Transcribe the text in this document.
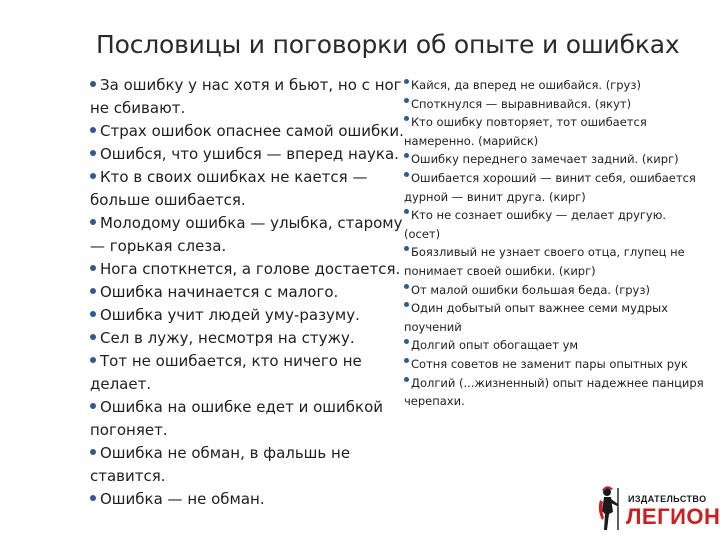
Пословицы и поговорки об опыте и ошибках
За ошибку у нас хотя и бьют, но с ног не сбивают.
Страх ошибок опаснее самой ошибки.
Ошибся, что ушибся — вперед наука.
Кто в своих ошибках не кается — больше ошибается.
Молодому ошибка — улыбка, старому — горькая слеза.
Нога споткнется, а голове достается.
Ошибка начинается с малого.
Ошибка учит людей уму-разуму.
Сел в лужу, несмотря на стужу.
Тот не ошибается, кто ничего не делает.
Ошибка на ошибке едет и ошибкой погоняет.
Ошибка не обман, в фальшь не ставится.
Ошибка — не обман.
Кайся, да вперед не ошибайся. (груз)
Споткнулся — выравнивайся. (якут)
Кто ошибку повторяет, тот ошибается намеренно. (марийск)
Ошибку переднего замечает задний. (кирг)
Ошибается хороший — винит себя, ошибается дурной — винит друга. (кирг)
Кто не сознает ошибку — делает другую. (осет)
Боязливый не узнает своего отца, глупец не понимает своей ошибки. (кирг)
От малой ошибки большая беда. (груз)
Один добытый опыт важнее семи мудрых поучений
Долгий опыт обогащает ум
Сотня советов не заменит пары опытных рук
Долгий (...жизненный) опыт надежнее панциря черепахи.
ИЗДАТЕЛЬСТВО
ЛЕГИОН
